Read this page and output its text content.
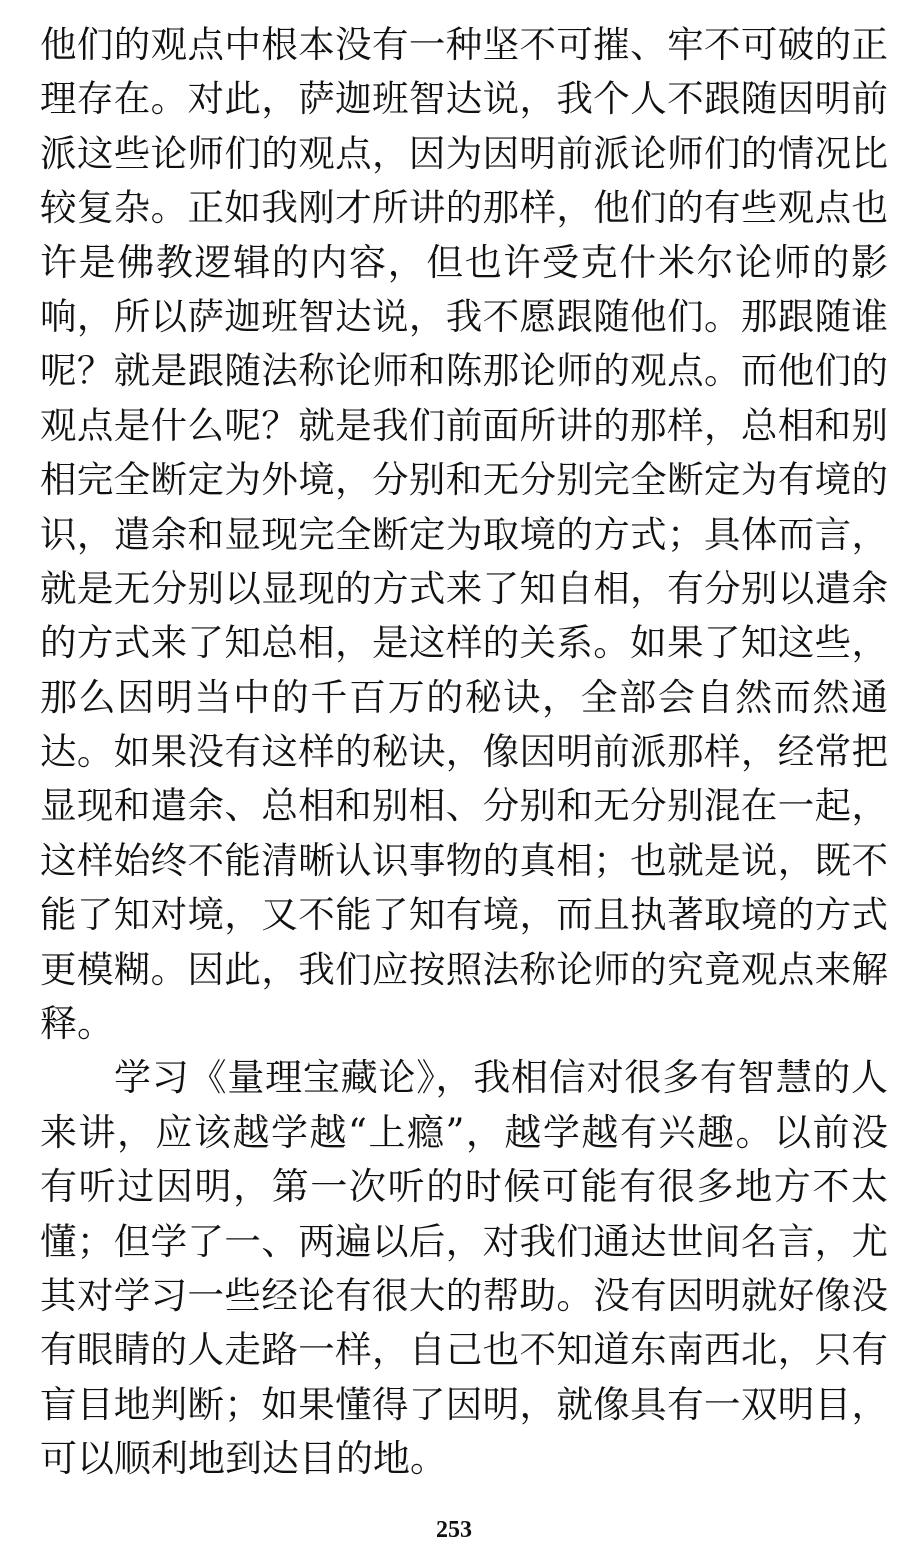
他们的观点中根本没有一种坚不可摧、牢不可破的正
理存在。对此，萨迦班智达说，我个人不跟随因明前
派这些论师们的观点，因为因明前派论师们的情况比
较复杂。正如我刚才所讲的那样，他们的有些观点也
许是佛教逻辑的内容，但也许受克什米尔论师的影
响，所以萨迦班智达说，我不愿跟随他们。那跟随谁
呢？就是跟随法称论师和陈那论师的观点。而他们的
观点是什么呢？就是我们前面所讲的那样，总相和别
相完全断定为外境，分别和无分别完全断定为有境的
识，遣余和显现完全断定为取境的方式；具体而言，
就是无分别以显现的方式来了知自相，有分别以遣余
的方式来了知总相，是这样的关系。如果了知这些，
那么因明当中的千百万的秘诀，全部会自然而然通
达。如果没有这样的秘诀，像因明前派那样，经常把
显现和遣余、总相和别相、分别和无分别混在一起，
这样始终不能清晰认识事物的真相；也就是说，既不
能了知对境，又不能了知有境，而且执著取境的方式
更模糊。因此，我们应按照法称论师的究竟观点来解
释。
学习《量理宝藏论》，我相信对很多有智慧的人
来讲，应该越学越“上瘾”，越学越有兴趣。以前没
有听过因明，第一次听的时候可能有很多地方不太
懂；但学了一、两遍以后，对我们通达世间名言，尤
其对学习一些经论有很大的帮助。没有因明就好像没
有眼睛的人走路一样，自己也不知道东南西北，只有
盲目地判断；如果懂得了因明，就像具有一双明目，
可以顺利地到达目的地。
253
